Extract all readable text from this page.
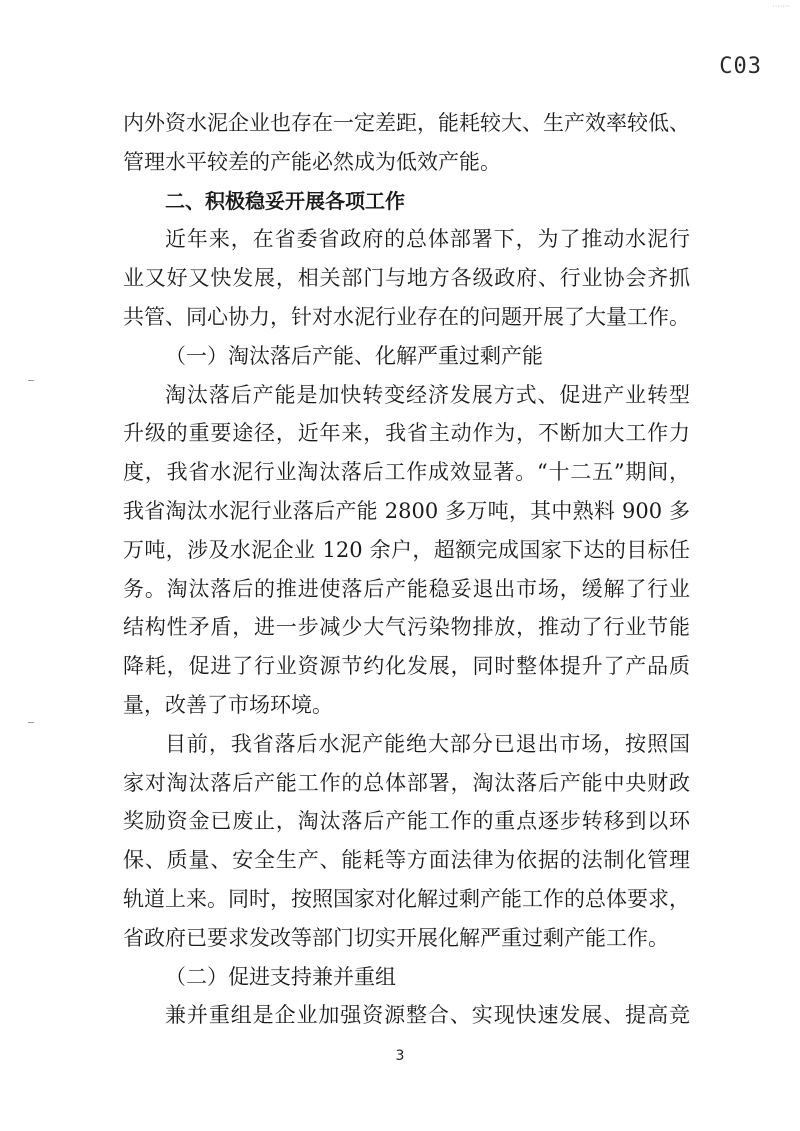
·······
C03
内外资水泥企业也存在一定差距，能耗较大、生产效率较低、
管理水平较差的产能必然成为低效产能。
二、积极稳妥开展各项工作
近年来，在省委省政府的总体部署下，为了推动水泥行
业又好又快发展，相关部门与地方各级政府、行业协会齐抓
共管、同心协力，针对水泥行业存在的问题开展了大量工作。
（一）淘汰落后产能、化解严重过剩产能
淘汰落后产能是加快转变经济发展方式、促进产业转型
升级的重要途径，近年来，我省主动作为，不断加大工作力
度，我省水泥行业淘汰落后工作成效显著。“十二五”期间，
我省淘汰水泥行业落后产能 2800 多万吨，其中熟料 900 多
万吨，涉及水泥企业 120 余户，超额完成国家下达的目标任
务。淘汰落后的推进使落后产能稳妥退出市场，缓解了行业
结构性矛盾，进一步减少大气污染物排放，推动了行业节能
降耗，促进了行业资源节约化发展，同时整体提升了产品质
量，改善了市场环境。
目前，我省落后水泥产能绝大部分已退出市场，按照国
家对淘汰落后产能工作的总体部署，淘汰落后产能中央财政
奖励资金已废止，淘汰落后产能工作的重点逐步转移到以环
保、质量、安全生产、能耗等方面法律为依据的法制化管理
轨道上来。同时，按照国家对化解过剩产能工作的总体要求，
省政府已要求发改等部门切实开展化解严重过剩产能工作。
（二）促进支持兼并重组
兼并重组是企业加强资源整合、实现快速发展、提高竞
3
